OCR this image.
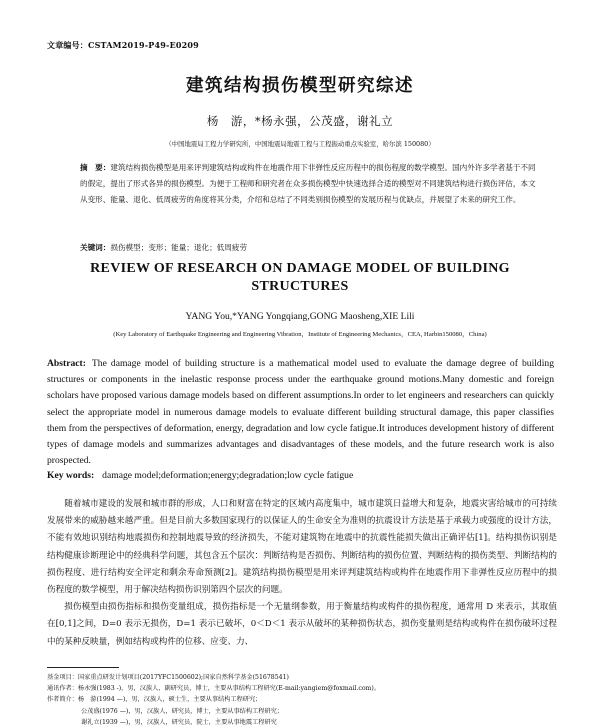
文章编号：CSTAM2019-P49-E0209
建筑结构损伤模型研究综述
杨　游，*杨永强，公茂盛，谢礼立
（中国地震局工程力学研究所，中国地震局地震工程与工程振动重点实验室，哈尔滨 150080）
摘　要：建筑结构损伤模型是用来评判建筑结构或构件在地震作用下非弹性反应历程中的损伤程度的数学模型。国内外许多学者基于不同的假定，提出了形式各异的损伤模型。为便于工程师和研究者在众多损伤模型中快速选择合适的模型对不同建筑结构进行损伤评估，本文从变形、能量、退化、低周疲劳的角度将其分类，介绍和总结了不同类别损伤模型的发展历程与优缺点，并展望了未来的研究工作。
关键词：损伤模型；变形；能量；退化；低周疲劳
REVIEW OF RESEARCH ON DAMAGE MODEL OF BUILDING STRUCTURES
YANG You,*YANG Yongqiang,GONG Maosheng,XIE Lili
(Key Laboratory of Earthquake Engineering and Engineering Vibration，Institute of Engineering Mechanics，CEA, Harbin150080，China)
Abstract: The damage model of building structure is a mathematical model used to evaluate the damage degree of building structures or components in the inelastic response process under the earthquake ground motions.Many domestic and foreign scholars have proposed various damage models based on different assumptions.In order to let engineers and researchers can quickly select the appropriate model in numerous damage models to evaluate different building structural damage, this paper classifies them from the perspectives of deformation, energy, degradation and low cycle fatigue.It introduces development history of different types of damage models and summarizes advantages and disadvantages of these models, and the future research work is also prospected.
Key words: damage model;deformation;energy;degradation;low cycle fatigue

随着城市建设的发展和城市群的形成，人口和财富在特定的区域内高度集中，城市建筑日益增大和复杂，地震灾害给城市的可持续发展带来的威胁越来越严重。但是目前大多数国家现行的以保证人的生命安全为准则的抗震设计方法是基于承载力或强度的设计方法，不能有效地识别结构地震损伤和控制地震导致的经济损失，不能对建筑物在地震中的抗震性能损失做出正确评估[1]。结构损伤识别是结构健康诊断理论中的经典科学问题，其包含五个层次：判断结构是否损伤、判断结构的损伤位置、判断结构的损伤类型、判断结构的损伤程度、进行结构安全评定和剩余寿命预测[2]。建筑结构损伤模型是用来评判建筑结构或构件在地震作用下非弹性反应历程中的损伤程度的数学模型，用于解决结构损伤识别第四个层次的问题。

损伤模型由损伤指标和损伤变量组成，损伤指标是一个无量纲参数，用于衡量结构或构件的损伤程度，通常用 D 来表示，其取值在[0,1]之间，D=0 表示无损伤，D=1 表示已破坏，0＜D＜1 表示从破坏的某种损伤状态，损伤变量则是结构或构件在损伤破坏过程中的某种反映量，例如结构或构件的位移、应变、力、

基金项目：国家重点研发计划项目(2017YFC1500602);国家自然科学基金(51678541)
通讯作者：杨永强(1983 -)，男，汉族人，副研究员，博士，主要从事结构工程研究(E-mail:yangiem@foxmail.com)。
作者简介：杨　游(1994 —)，男，汉族人，硕士生，主要从事结构工程研究；
公茂盛(1976 —)，男，汉族人，研究员，博士，主要从事结构工程研究；
谢礼立(1939 —)，男，汉族人，研究员，院士，主要从事地震工程研究
